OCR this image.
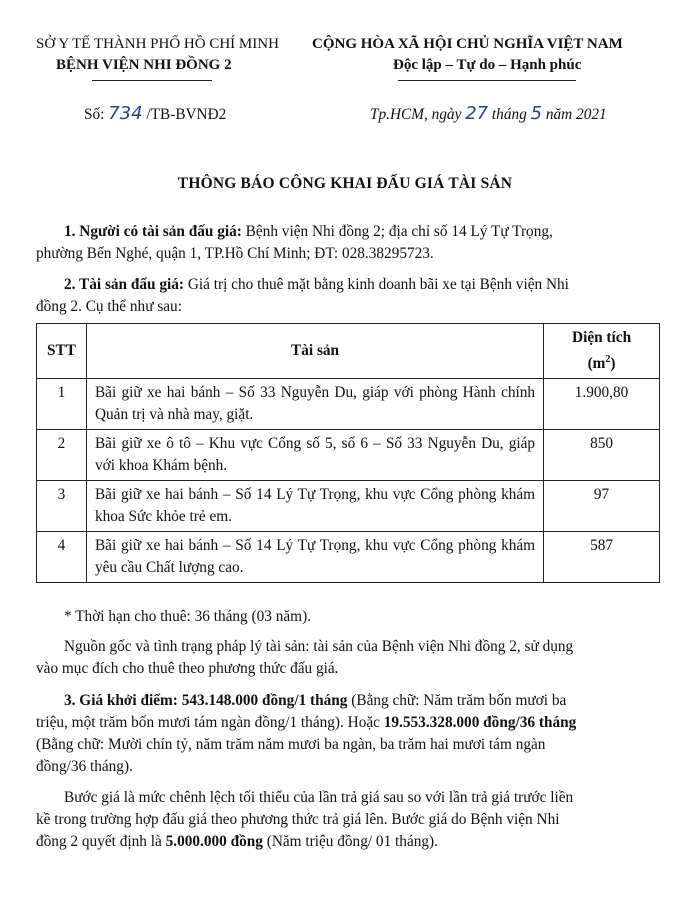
SỞ Y TẾ THÀNH PHỐ HỒ CHÍ MINH
BỆNH VIỆN NHI ĐỒNG 2
CỘNG HÒA XÃ HỘI CHỦ NGHĨA VIỆT NAM
Độc lập – Tự do – Hạnh phúc
Số: 734 /TB-BVNĐ2	Tp.HCM, ngày 27 tháng 5 năm 2021
THÔNG BÁO CÔNG KHAI ĐẤU GIÁ TÀI SẢN
1. Người có tài sản đấu giá: Bệnh viện Nhi đồng 2; địa chỉ số 14 Lý Tự Trọng,
phường Bến Nghé, quận 1, TP.Hồ Chí Minh; ĐT: 028.38295723.
2. Tài sản đấu giá: Giá trị cho thuê mặt bằng kinh doanh bãi xe tại Bệnh viện Nhi
đồng 2. Cụ thể như sau:
STT	Tài sản	Diện tích
$(m^2)$

1	Bãi giữ xe hai bánh – Số 33 Nguyễn Du, giáp với phòng Hành chính Quản trị và nhà may, giặt.	1.900,80
2	Bãi giữ xe ô tô – Khu vực Cổng số 5, số 6 – Số 33 Nguyễn Du, giáp với khoa Khám bệnh.	850
3	Bãi giữ xe hai bánh – Số 14 Lý Tự Trọng, khu vực Cổng phòng khám khoa Sức khỏe trẻ em.	97
4	Bãi giữ xe hai bánh – Số 14 Lý Tự Trọng, khu vực Cổng phòng khám yêu cầu Chất lượng cao.	587
* Thời hạn cho thuê: 36 tháng (03 năm).
Nguồn gốc và tình trạng pháp lý tài sản: tài sản của Bệnh viện Nhi đồng 2, sử dụng
vào mục đích cho thuê theo phương thức đấu giá.
3. Giá khởi điểm: 543.148.000 đồng/1 tháng (Bằng chữ: Năm trăm bốn mươi ba
triệu, một trăm bốn mươi tám ngàn đồng/1 tháng). Hoặc 19.553.328.000 đồng/36 tháng
(Bằng chữ: Mười chín tỷ, năm trăm năm mươi ba ngàn, ba trăm hai mươi tám ngàn
đồng/36 tháng).
Bước giá là mức chênh lệch tối thiểu của lần trả giá sau so với lần trả giá trước liền
kề trong trường hợp đấu giá theo phương thức trả giá lên. Bước giá do Bệnh viện Nhi
đồng 2 quyết định là 5.000.000 đồng (Năm triệu đồng/ 01 tháng).
